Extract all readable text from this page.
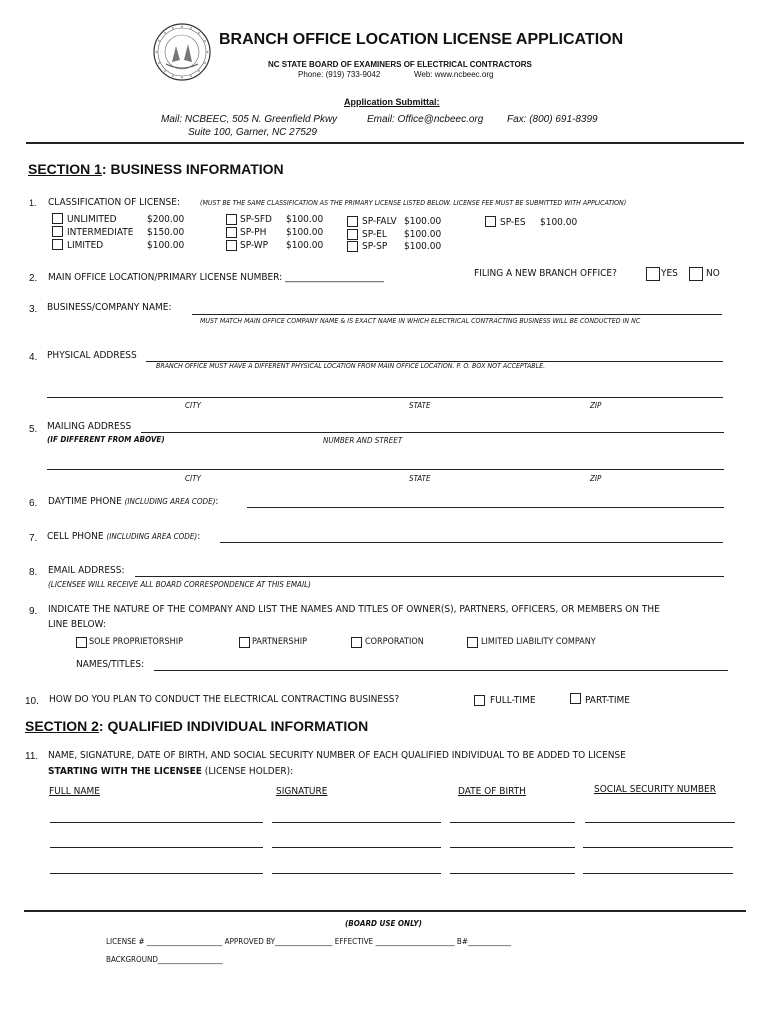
BRANCH OFFICE LOCATION LICENSE APPLICATION
NC STATE BOARD OF EXAMINERS OF ELECTRICAL CONTRACTORS
Phone: (919) 733-9042	Web: www.ncbeec.org
Application Submittal:
Mail: NCBEEC, 505 N. Greenfield Pkwy
Suite 100, Garner, NC 27529
Email: Office@ncbeec.org Fax: (800) 691-8399
SECTION 1: BUSINESS INFORMATION
1. CLASSIFICATION OF LICENSE:	(MUST BE THE SAME CLASSIFICATION AS THE PRIMARY LICENSE LISTED BELOW. LICENSE FEE MUST BE SUBMITTED WITH APPLICATION)
UNLIMITED	$200.00
INTERMEDIATE $150.00
LIMITED	$100.00
SP-SFD $100.00
SP-PH $100.00
SP-WP $100.00
SP-FALV $100.00
SP-EL $100.00
SP-SP $100.00
SP-ES $100.00
2. MAIN OFFICE LOCATION/PRIMARY LICENSE NUMBER: ______________________	FILING A NEW BRANCH OFFICE?	YES	NO
3. BUSINESS/COMPANY NAME:
MUST MATCH MAIN OFFICE COMPANY NAME & IS EXACT NAME IN WHICH ELECTRICAL CONTRACTING BUSINESS WILL BE CONDUCTED IN NC
4. PHYSICAL ADDRESS
BRANCH OFFICE MUST HAVE A DIFFERENT PHYSICAL LOCATION FROM MAIN OFFICE LOCATION. P. O. BOX NOT ACCEPTABLE.
CITY	STATE	ZIP
5. MAILING ADDRESS
(IF DIFFERENT FROM ABOVE)	NUMBER AND STREET
CITY	STATE	ZIP
6. DAYTIME PHONE (INCLUDING AREA CODE):
7. CELL PHONE (INCLUDING AREA CODE):
8. EMAIL ADDRESS:
(LICENSEE WILL RECEIVE ALL BOARD CORRESPONDENCE AT THIS EMAIL)
9. INDICATE THE NATURE OF THE COMPANY AND LIST THE NAMES AND TITLES OF OWNER(S), PARTNERS, OFFICERS, OR MEMBERS ON THE
LINE BELOW:
SOLE PROPRIETORSHIP	PARTNERSHIP	CORPORATION	LIMITED LIABILITY COMPANY
NAMES/TITLES:
10. HOW DO YOU PLAN TO CONDUCT THE ELECTRICAL CONTRACTING BUSINESS?	FULL-TIME	PART-TIME
SECTION 2: QUALIFIED INDIVIDUAL INFORMATION
11. NAME, SIGNATURE, DATE OF BIRTH, AND SOCIAL SECURITY NUMBER OF EACH QUALIFIED INDIVIDUAL TO BE ADDED TO LICENSE
STARTING WITH THE LICENSEE (LICENSE HOLDER):
FULL NAME	SIGNATURE	DATE OF BIRTH	SOCIAL SECURITY NUMBER
(BOARD USE ONLY)
LICENSE # _____________________ APPROVED BY________________ EFFECTIVE ______________________ B#____________
BACKGROUND__________________
